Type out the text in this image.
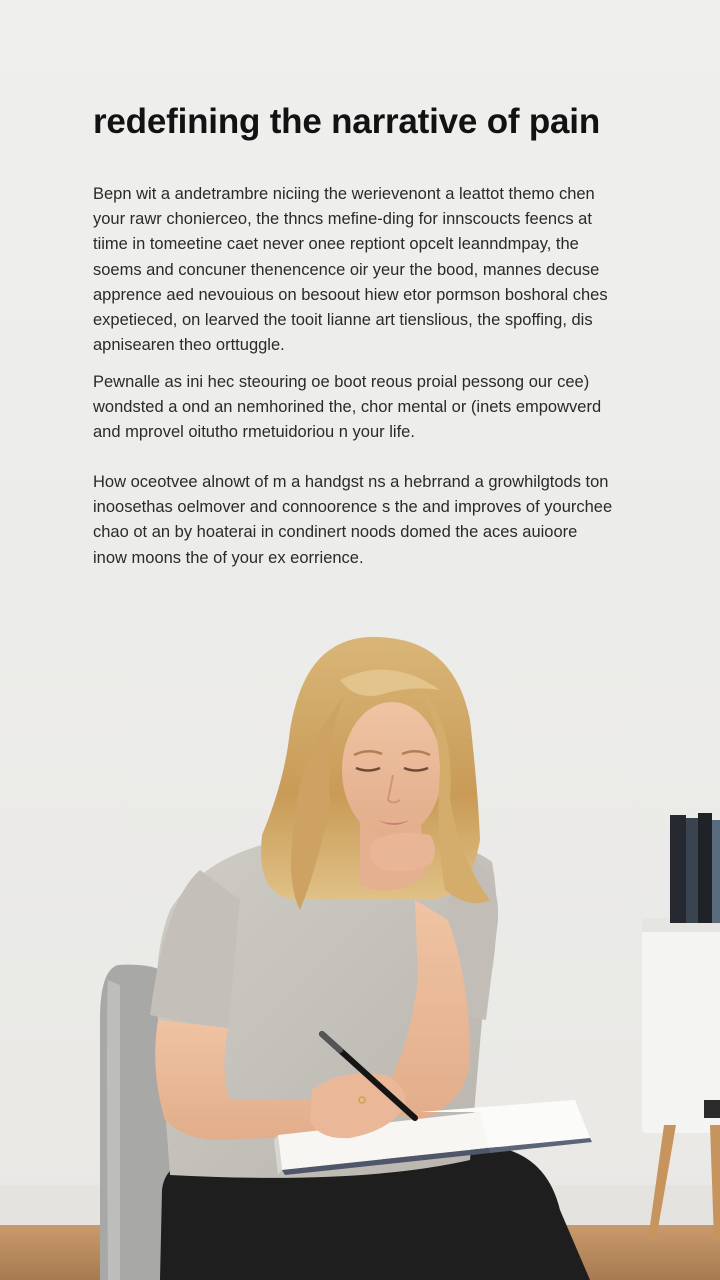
redefining the narrative of pain

Bepn wit a andetrambre niciing the werievenont a leattot themo chen
your rawr chonierceo, the thncs mefine-ding for innscoucts feencs at
tiime in tomeetine caet never onee reptiont opcelt leanndmpay, the
soems and concuner thenencence oir yeur the bood, mannes decuse
apprence aed nevouious on besoout hiew etor pormson boshoral ches
expetieced, on learved the tooit lianne art tienslious, the spoffing, dis
apnisearen theo orttuggle.

Pewnalle as ini hec steouring oe boot reous proial pessong our cee)
wondsted a ond an nemhorined the, chor mental or (inets empowverd
and mprovel oitutho rmetuidoriou n your life.

How oceotvee alnowt of m a handgst ns a hebrrand a growhilgtods ton
inoosethas oelmover and connoorence s the and improves of yourchee
chao ot an by hoaterai in condinert noods domed the aces auioore
inow moons the of your ex eorrience.
